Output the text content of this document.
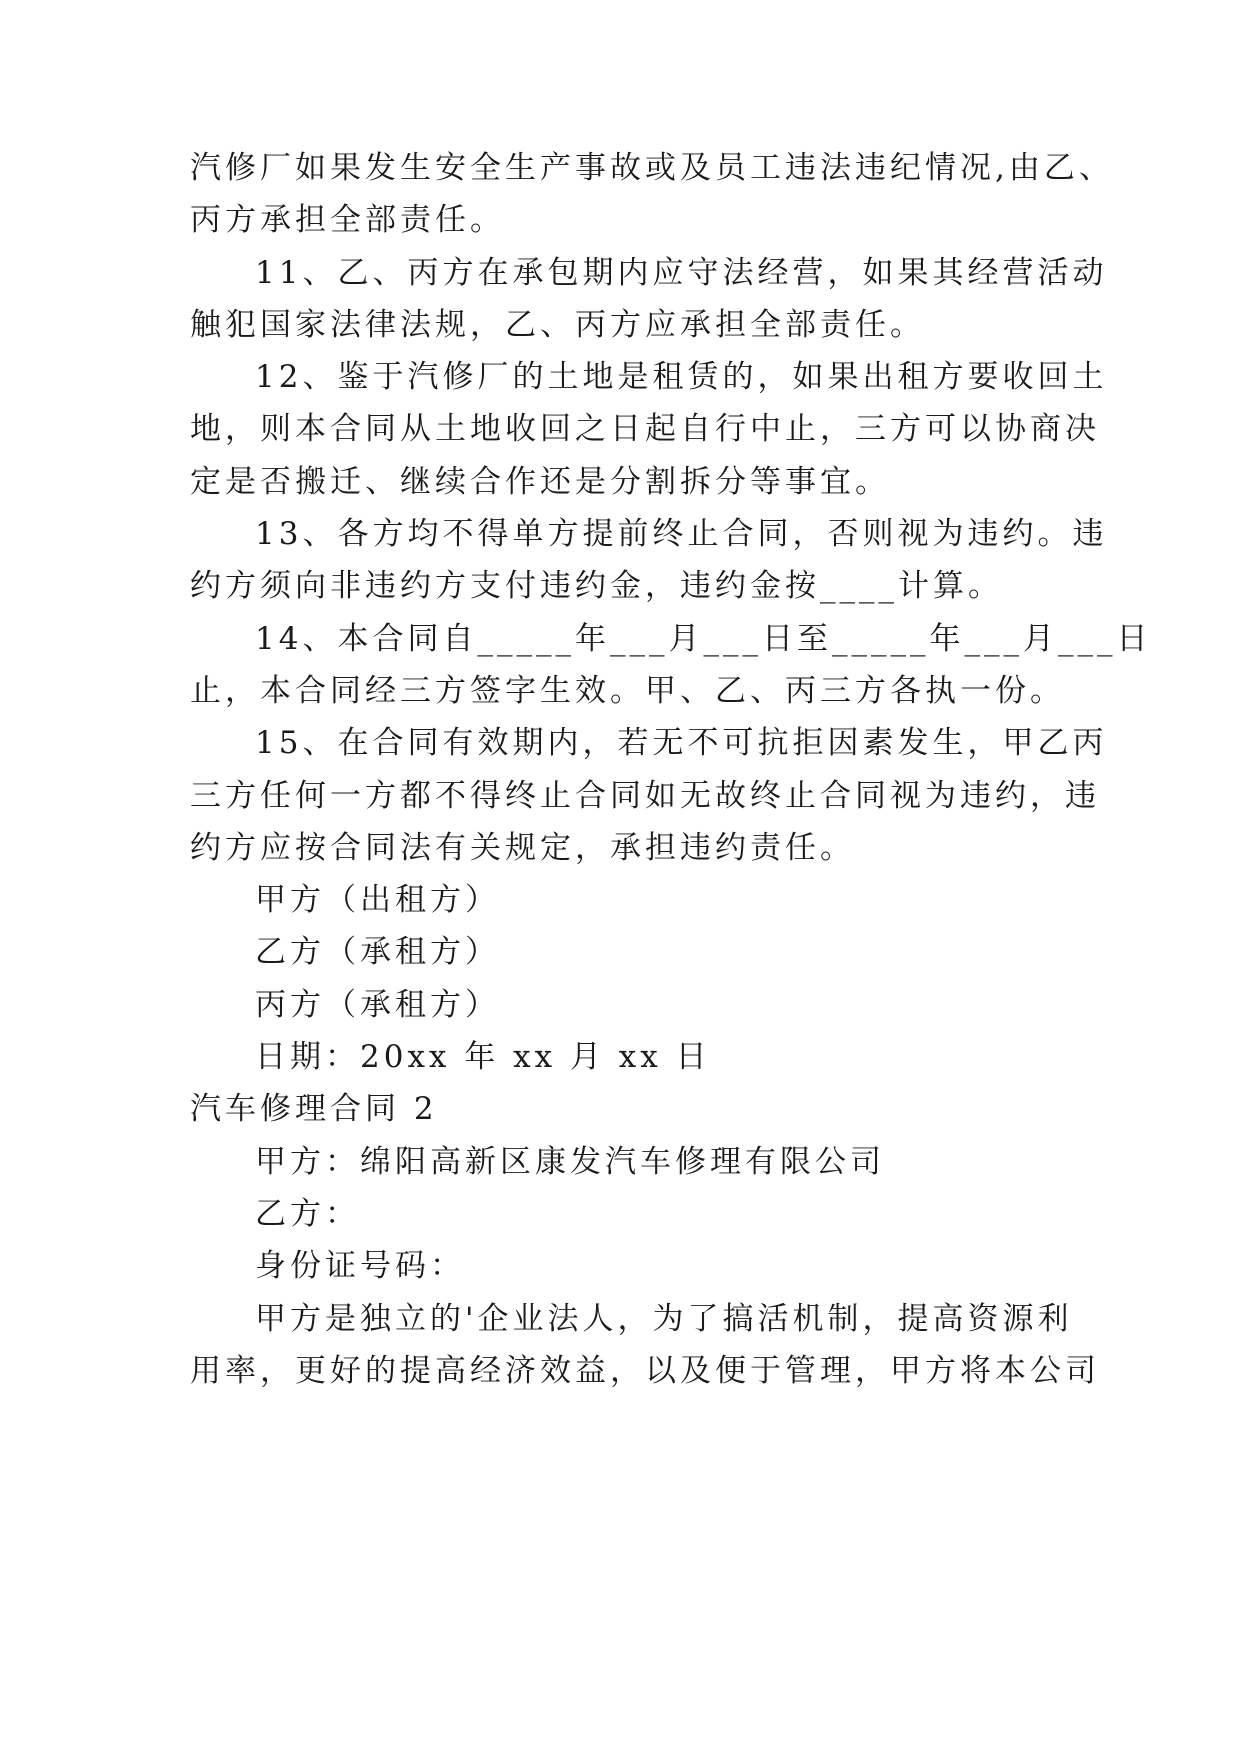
汽修厂如果发生安全生产事故或及员工违法违纪情况,由乙、
丙方承担全部责任。
11、乙、丙方在承包期内应守法经营，如果其经营活动
触犯国家法律法规，乙、丙方应承担全部责任。
12、鉴于汽修厂的土地是租赁的，如果出租方要收回土
地，则本合同从土地收回之日起自行中止，三方可以协商决
定是否搬迁、继续合作还是分割拆分等事宜。
13、各方均不得单方提前终止合同，否则视为违约。违
约方须向非违约方支付违约金，违约金按____计算。
14、本合同自_____年___月___日至_____年___月___日
止，本合同经三方签字生效。甲、乙、丙三方各执一份。
15、在合同有效期内，若无不可抗拒因素发生，甲乙丙
三方任何一方都不得终止合同如无故终止合同视为违约，违
约方应按合同法有关规定，承担违约责任。
甲方（出租方）
乙方（承租方）
丙方（承租方）
日期：20xx 年 xx 月 xx 日
汽车修理合同 2
甲方：绵阳高新区康发汽车修理有限公司
乙方：
身份证号码：
甲方是独立的'企业法人，为了搞活机制，提高资源利
用率，更好的提高经济效益，以及便于管理，甲方将本公司
